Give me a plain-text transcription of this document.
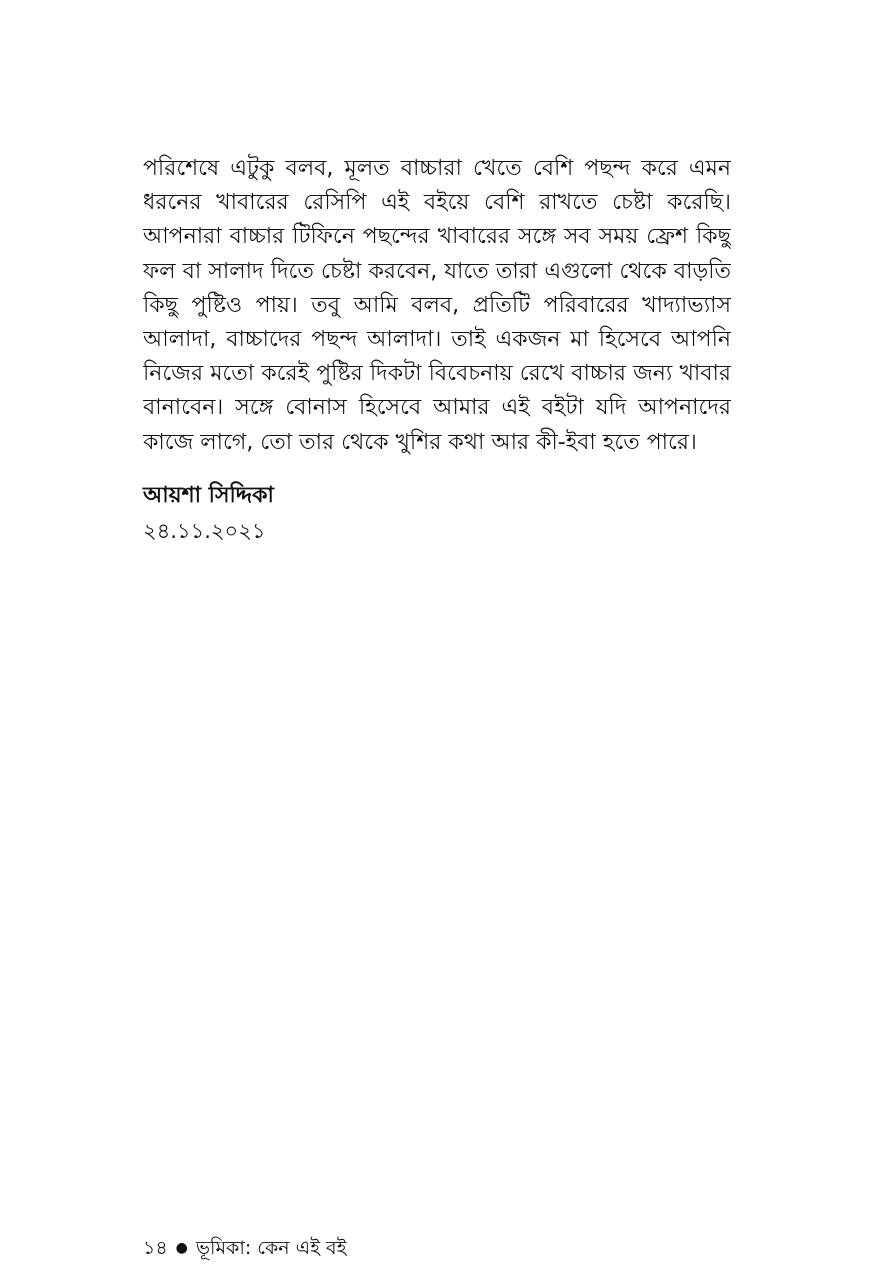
পরিশেষে এটুকু বলব, মূলত বাচ্চারা খেতে বেশি পছন্দ করে এমন
ধরনের খাবারের রেসিপি এই বইয়ে বেশি রাখতে চেষ্টা করেছি।
আপনারা বাচ্চার টিফিনে পছন্দের খাবারের সঙ্গে সব সময় ফ্রেশ কিছু
ফল বা সালাদ দিতে চেষ্টা করবেন, যাতে তারা এগুলো থেকে বাড়তি
কিছু পুষ্টিও পায়। তবু আমি বলব, প্রতিটি পরিবারের খাদ্যাভ্যাস
আলাদা, বাচ্চাদের পছন্দ আলাদা। তাই একজন মা হিসেবে আপনি
নিজের মতো করেই পুষ্টির দিকটা বিবেচনায় রেখে বাচ্চার জন্য খাবার
বানাবেন। সঙ্গে বোনাস হিসেবে আমার এই বইটা যদি আপনাদের
কাজে লাগে, তো তার থেকে খুশির কথা আর কী-ইবা হতে পারে।

আয়শা সিদ্দিকা

২৪.১১.২০২১

১৪ ● ভূমিকা: কেন এই বই
